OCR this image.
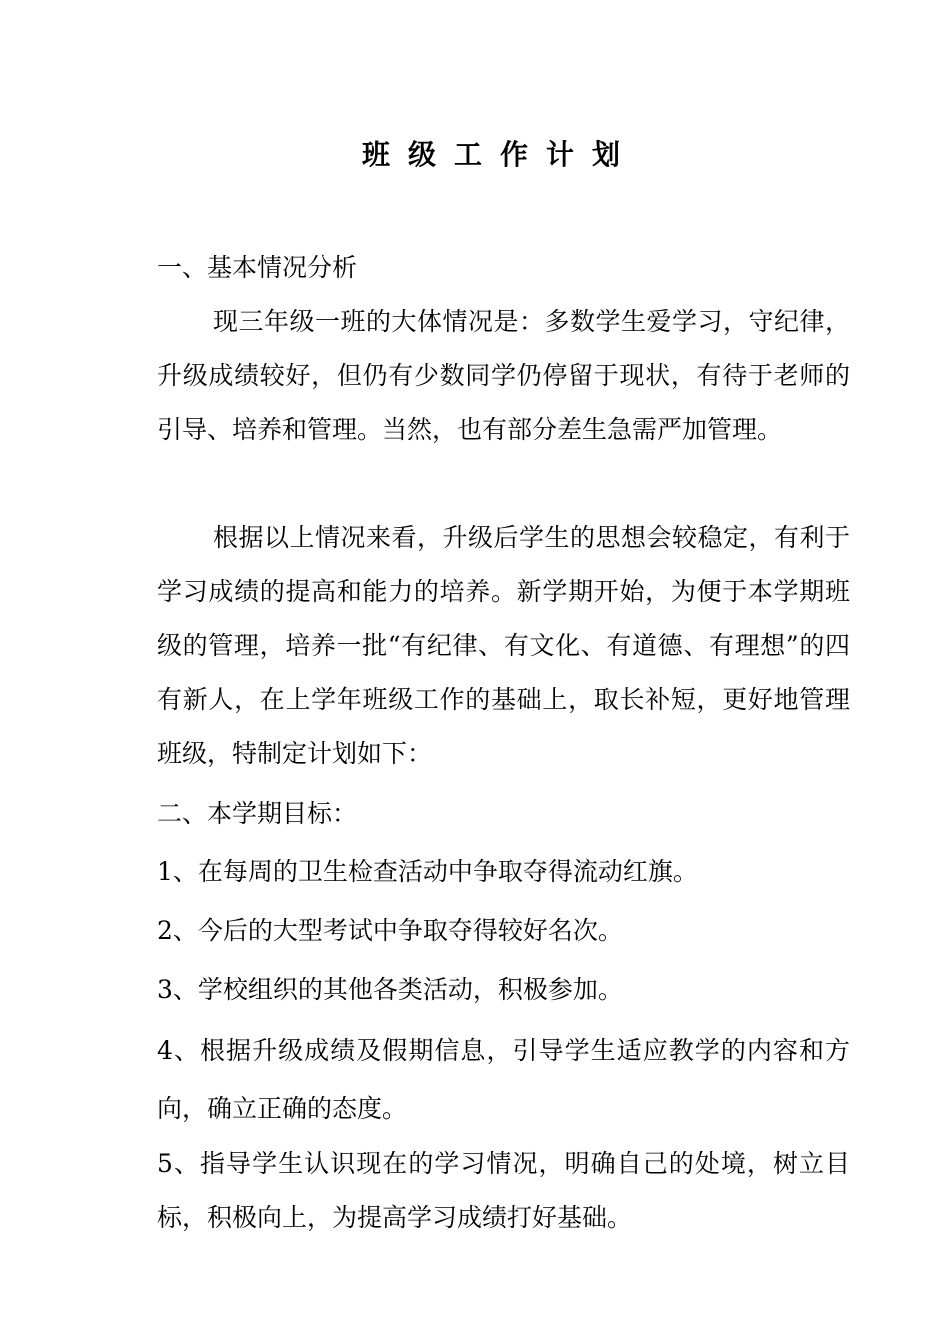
班级工作计划
一、基本情况分析
现三年级一班的大体情况是：多数学生爱学习，守纪律，升级成绩较好，但仍有少数同学仍停留于现状，有待于老师的引导、培养和管理。当然，也有部分差生急需严加管理。
根据以上情况来看，升级后学生的思想会较稳定，有利于学习成绩的提高和能力的培养。新学期开始，为便于本学期班级的管理，培养一批“有纪律、有文化、有道德、有理想”的四有新人，在上学年班级工作的基础上，取长补短，更好地管理班级，特制定计划如下：
二、本学期目标：
1、在每周的卫生检查活动中争取夺得流动红旗。
2、今后的大型考试中争取夺得较好名次。
3、学校组织的其他各类活动，积极参加。
4、根据升级成绩及假期信息，引导学生适应教学的内容和方向，确立正确的态度。
5、指导学生认识现在的学习情况，明确自己的处境，树立目标，积极向上，为提高学习成绩打好基础。
